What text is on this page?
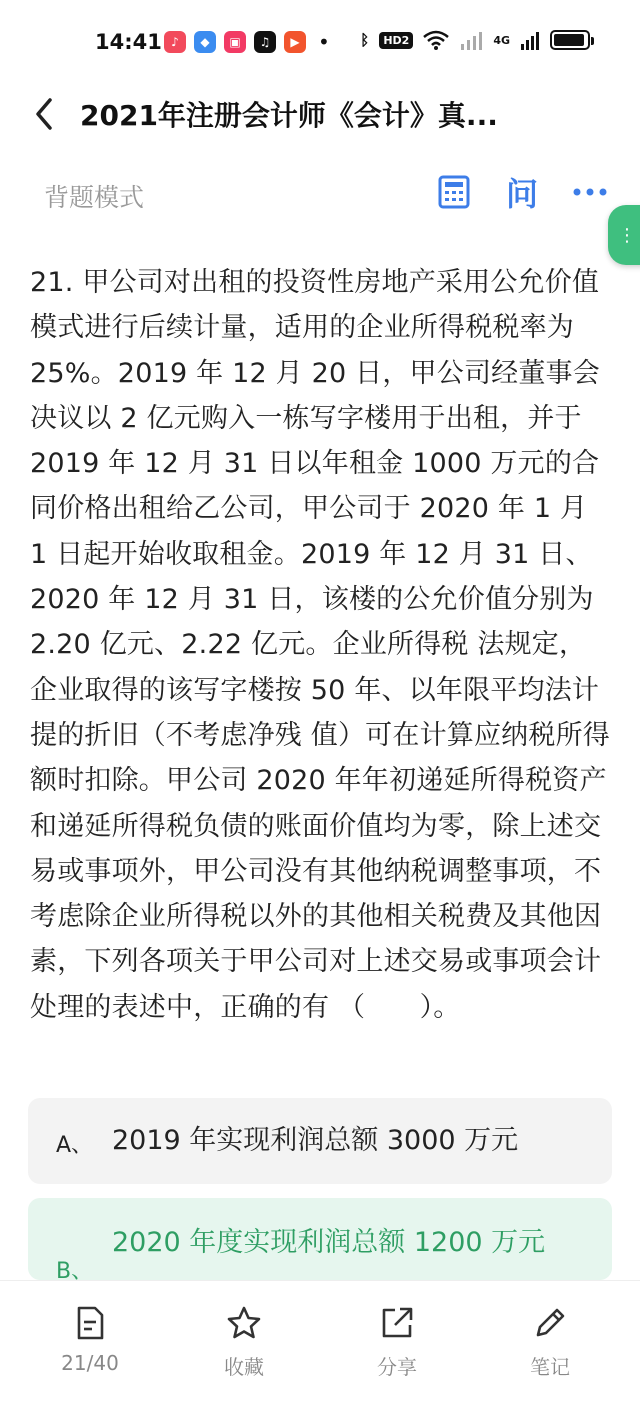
14:41 ♪	◆	▣	♫	▶ • ᛒ	HD2	4G
2021年注册会计师《会计》真...
背题模式	问
⋮
21. 甲公司对出租的投资性房地产采用公允价值模式进行后续计量，适用的企业所得税税率为 25%。2019 年 12 月 20 日，甲公司经董事会决议以 2 亿元购入一栋写字楼用于出租，并于 2019 年 12 月 31 日以年租金 1000 万元的合同价格出租给乙公司，甲公司于 2020 年 1 月 1 日起开始收取租金。2019 年 12 月 31 日、 2020 年 12 月 31 日，该楼的公允价值分别为 2.20 亿元、2.22 亿元。企业所得税 法规定，企业取得的该写字楼按 50 年、以年限平均法计提的折旧（不考虑净残 值）可在计算应纳税所得额时扣除。甲公司 2020 年年初递延所得税资产和递延所得税负债的账面价值均为零，除上述交易或事项外，甲公司没有其他纳税调整事项，不考虑除企业所得税以外的其他相关税费及其他因素，下列各项关于甲公司对上述交易或事项会计处理的表述中，正确的有 （　　）。
A、 2019 年实现利润总额 3000 万元
B、
2020 年度实现利润总额 1200 万元
21/40	收藏	分享	笔记
